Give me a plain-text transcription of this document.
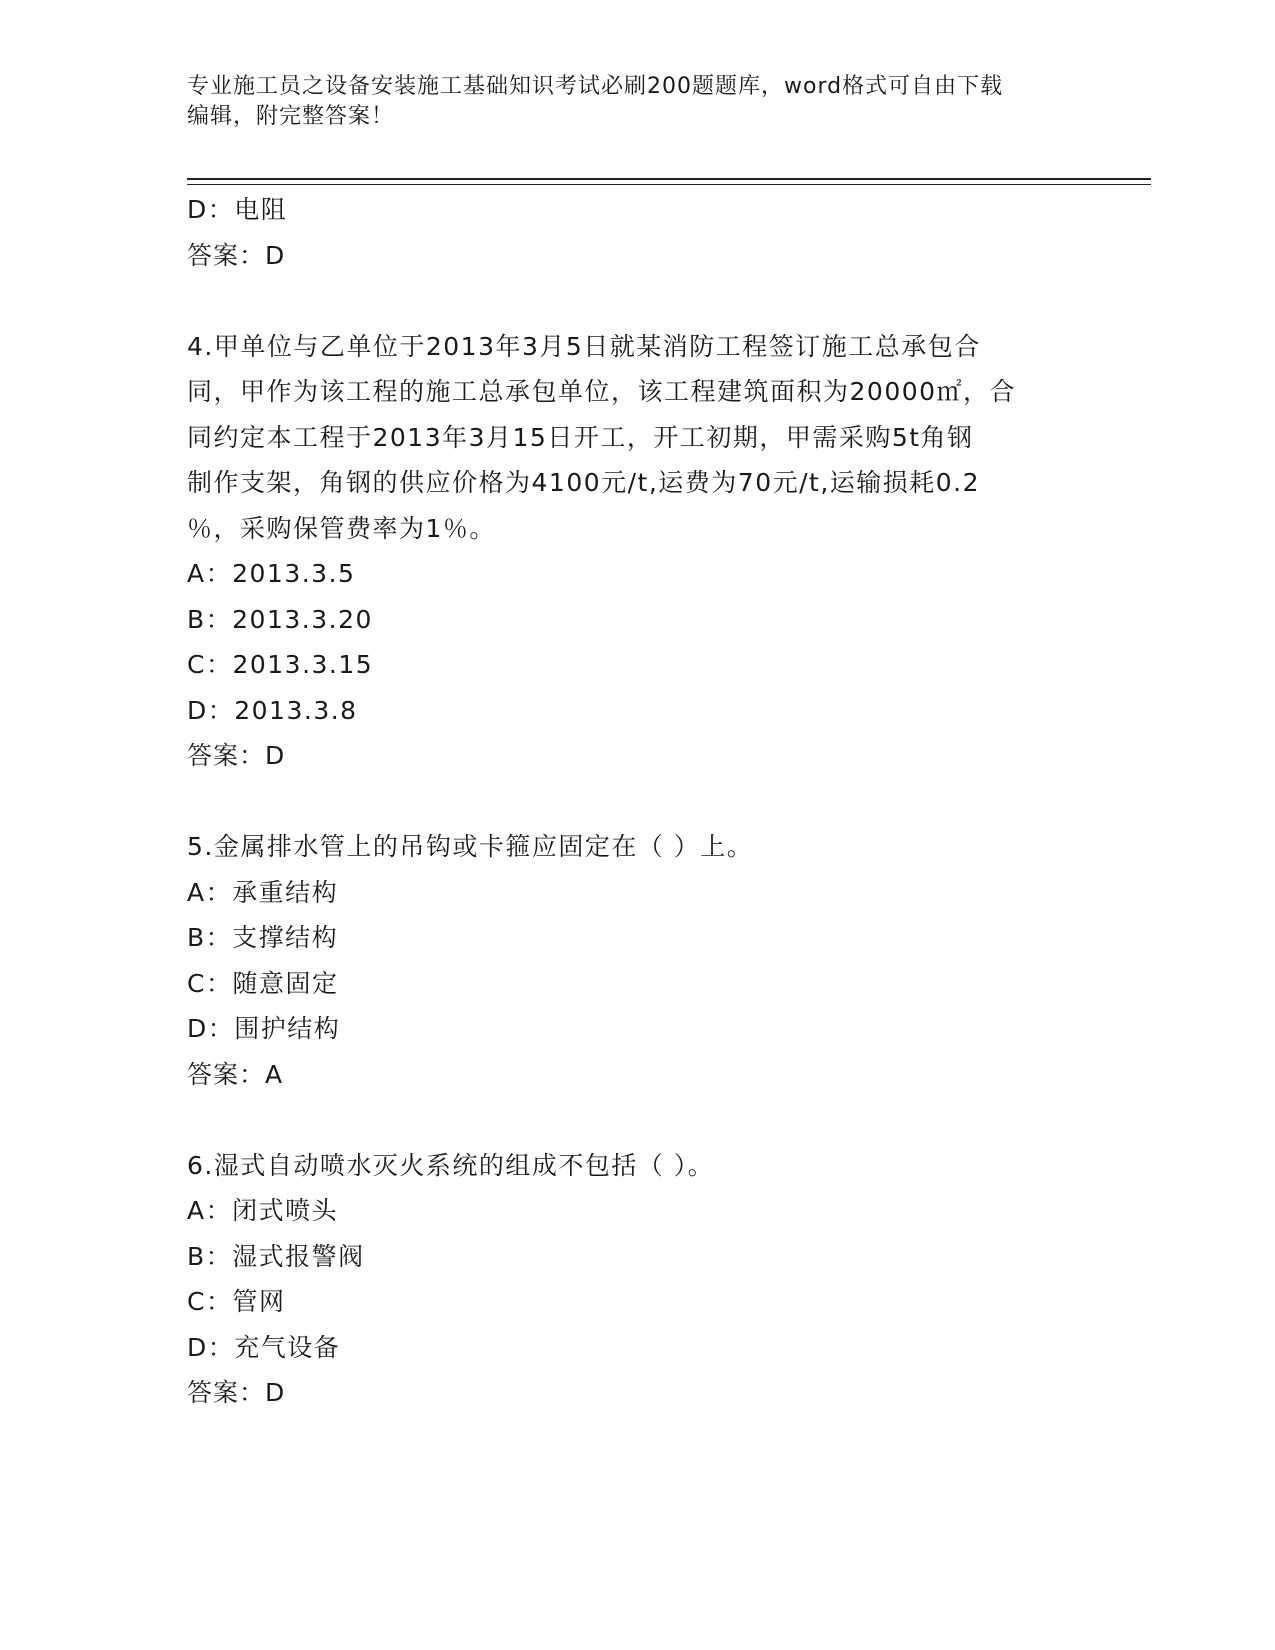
专业施工员之设备安装施工基础知识考试必刷200题题库，word格式可自由下载
编辑，附完整答案！
D：电阻
答案：D
4.甲单位与乙单位于2013年3月5日就某消防工程签订施工总承包合
同，甲作为该工程的施工总承包单位，该工程建筑面积为20000㎡，合
同约定本工程于2013年3月15日开工，开工初期，甲需采购5t角钢
制作支架，角钢的供应价格为4100元/t,运费为70元/t,运输损耗0.2
％，采购保管费率为1％。
A：2013.3.5
B：2013.3.20
C：2013.3.15
D：2013.3.8
答案：D
5.金属排水管上的吊钩或卡箍应固定在（ ）上。
A：承重结构
B：支撑结构
C：随意固定
D：围护结构
答案：A
6.湿式自动喷水灭火系统的组成不包括（ ）。
A：闭式喷头
B：湿式报警阀
C：管网
D：充气设备
答案：D
